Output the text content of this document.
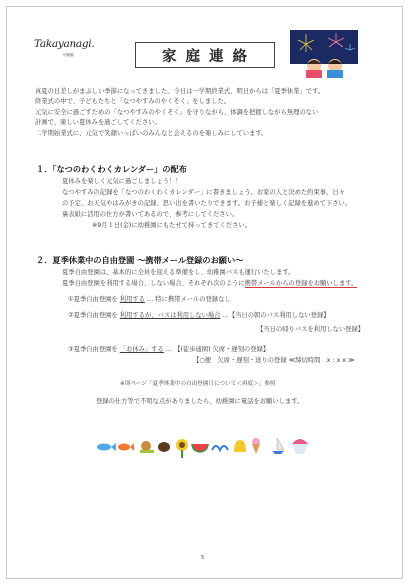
Takayanagi.
幼稚園	家庭連絡
真夏の日差しがまぶしい季節になってきました。今日は一学期終業式、明日からは「夏季休業」です。
終業式の中で、子どもたちと「なつやすみのやくそく」をしました。
元気に安全に過ごすための「なつやすみのやくそく」を守りながら、体調を把握しながら無理のない
計画で、楽しい夏休みを過ごしてください。
二学期始業式に、元気で笑顔いっぱいのみんなと会えるのを楽しみにしています。
１．「なつのわくわくカレンダー」の配布
夏休みを楽しく元気に過ごしましょう！！
なつやすみの記録を「なつのわくわくカレンダー」に書きましょう。お家の人と決めた約束事、日々
の予定、お天気やはみがきの記録、思い出を書いたりできます。お子様と楽しく記録を進めて下さい。
裏表紙に活用の仕方が書いてあるので、参考にしてください。
※9月１日(金)に幼稚園にもたせて持ってきてください。
２．夏季休業中の自由登園 ～携帯メール登録のお願い～
夏季自由登園は、基本的に全員を迎える準備をし、幼稚園バスも運行いたします。
夏季自由登園を利用する場合、しない場合、それぞれ次のように携帯メールからの登録をお願いします。
①夏季自由登園を 利用する … 特に携帯メールの登録なし
②夏季自由登園を 利用するが、バスは利用しない場合 …【当日の朝のバス利用しない登録】
【当日の帰りバスを利用しない登録】
③夏季自由登園を 「お休み」する … 【(徒歩通園) 欠席・遅刻の登録】
【○便　欠席・遅刻・送りの登録 ≪締切時間　x : x x ≫
※別ページ「夏季休業中の自由登園日について＜再度＞」参照
登録の仕方等で不明な点がありましたら、幼稚園に電話をお願いします。
5
